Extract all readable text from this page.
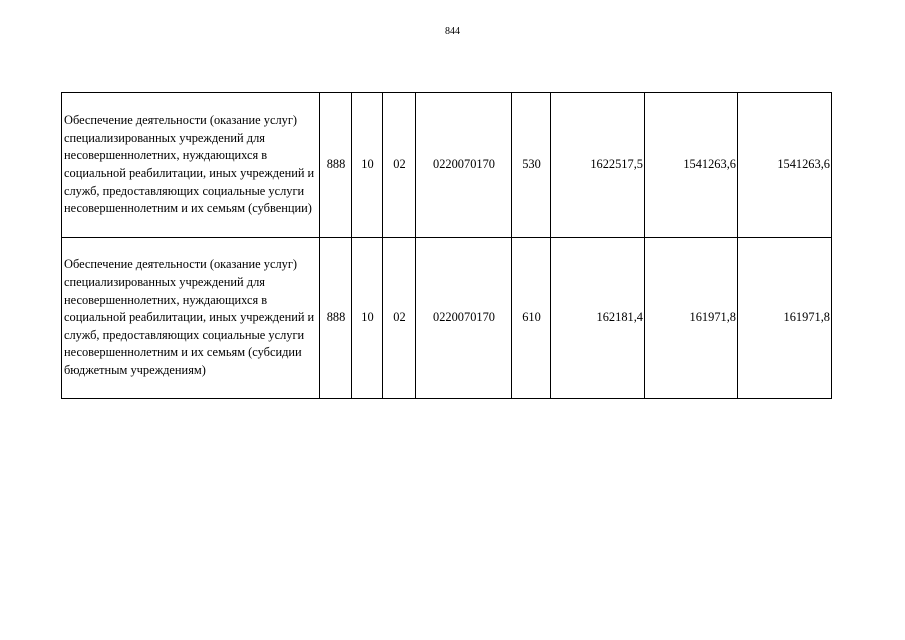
844
Обеспечение деятельности (оказание услуг) специализированных учреждений для несовершеннолетних, нуждающихся в социальной реабилитации, иных учреждений и служб, предоставляющих социальные услуги несовершеннолетним и их семьям (субвенции)	888	10	02	0220070170	530	1622517,5	1541263,6	1541263,6
Обеспечение деятельности (оказание услуг) специализированных учреждений для несовершеннолетних, нуждающихся в социальной реабилитации, иных учреждений и служб, предоставляющих социальные услуги несовершеннолетним и их семьям (субсидии бюджетным учреждениям)	888	10	02	0220070170	610	162181,4	161971,8	161971,8
